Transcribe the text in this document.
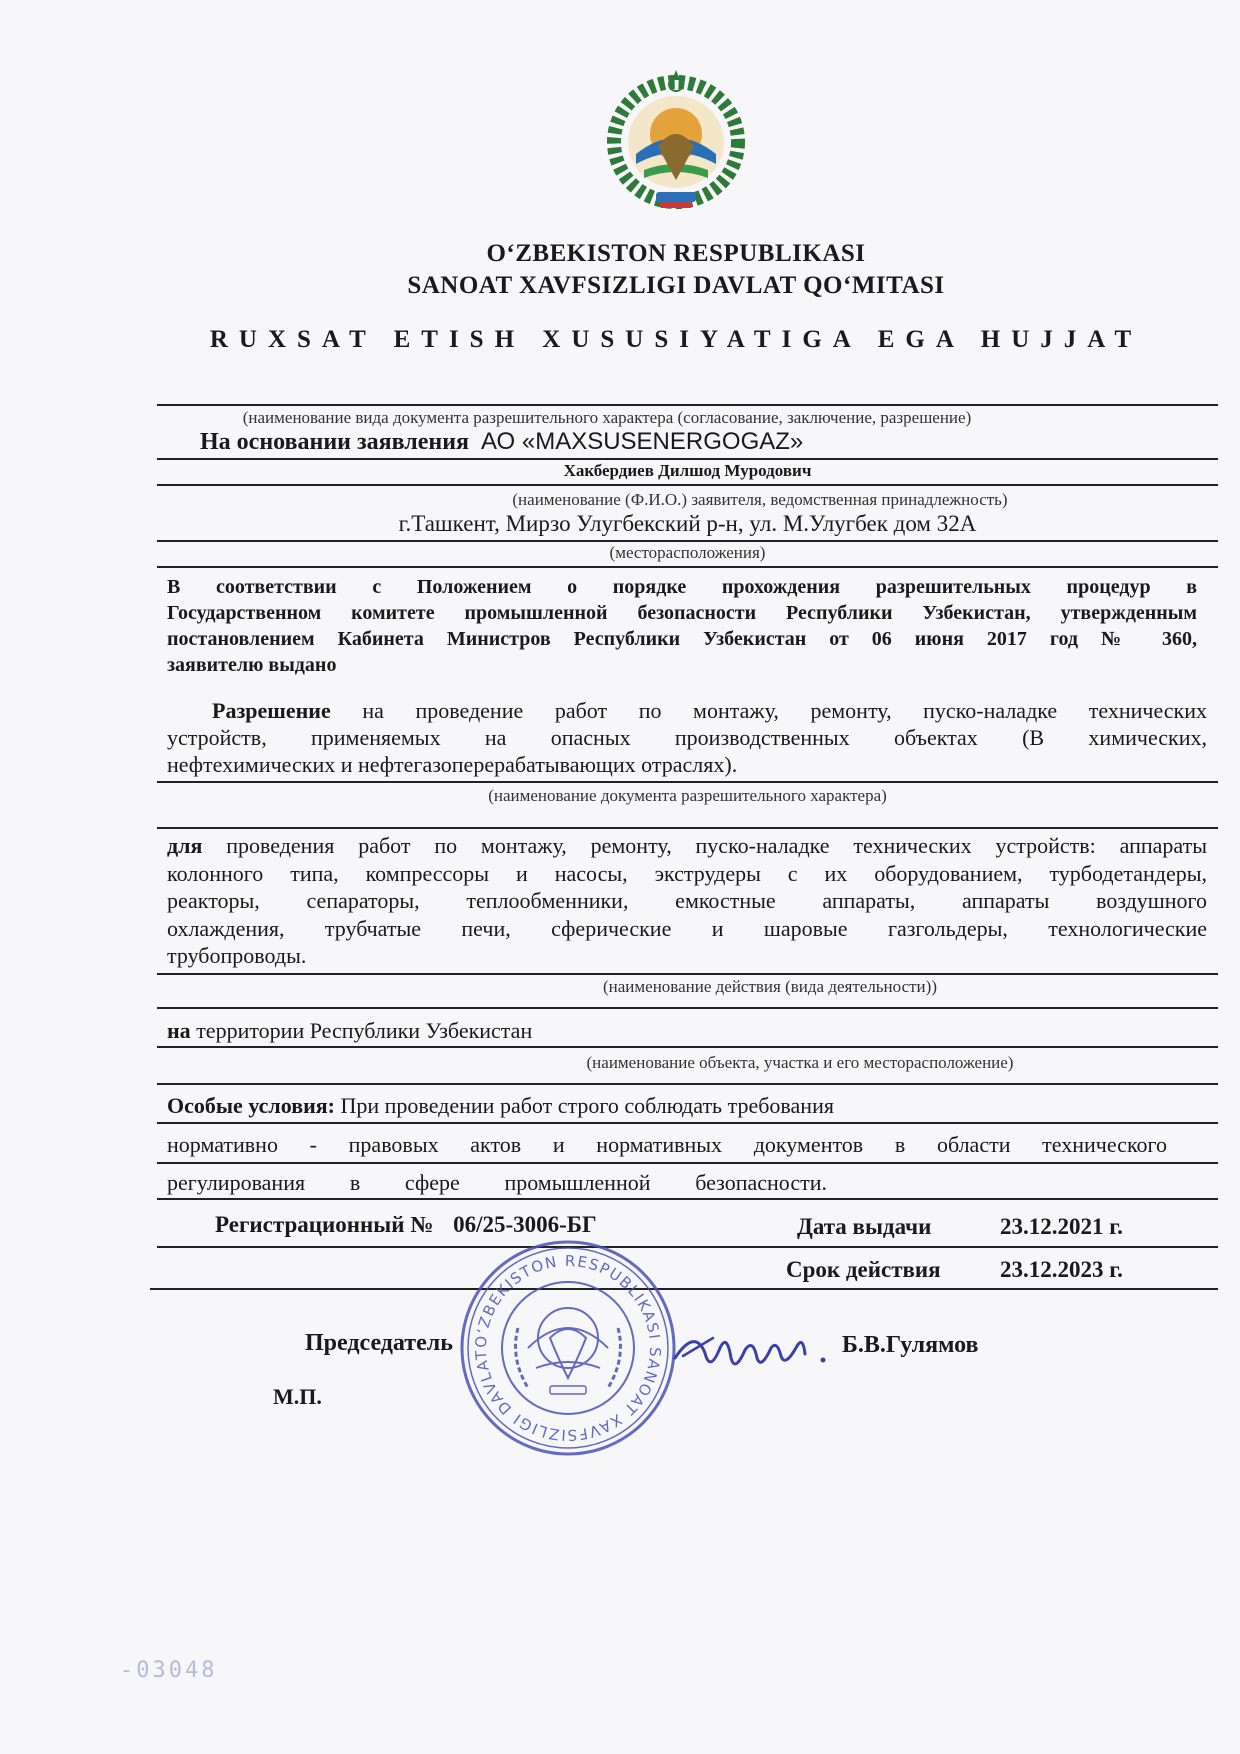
O‘ZBEKISTON RESPUBLIKASI
SANOAT XAVFSIZLIGI DAVLAT QO‘MITASI
RUXSAT ETISH XUSUSIYATIGA EGA HUJJAT
(наименование вида документа разрешительного характера (согласование, заключение, разрешение)
На основании заявления АО «MAXSUSENERGOGAZ»
Хакбердиев Дилшод Муродович
(наименование (Ф.И.О.) заявителя, ведомственная принадлежность)
г.Ташкент, Мирзо Улугбекский р-н, ул. М.Улугбек дом 32А
(месторасположения)
В соответствии с Положением о порядке прохождения разрешительных процедур в
Государственном комитете промышленной безопасности Республики Узбекистан, утвержденным
постановлением Кабинета Министров Республики Узбекистан от 06 июня 2017 год № 360,
заявителю выдано
Разрешение на проведение работ по монтажу, ремонту, пуско-наладке технических
устройств, применяемых на опасных производственных объектах (В химических,
нефтехимических и нефтегазоперерабатывающих отраслях).
(наименование документа разрешительного характера)
для проведения работ по монтажу, ремонту, пуско-наладке технических устройств: аппараты
колонного типа, компрессоры и насосы, экструдеры с их оборудованием, турбодетандеры,
реакторы, сепараторы, теплообменники, емкостные аппараты, аппараты воздушного
охлаждения, трубчатые печи, сферические и шаровые газгольдеры, технологические
трубопроводы.
(наименование действия (вида деятельности))
на территории Республики Узбекистан
(наименование объекта, участка и его месторасположение)
Особые условия: При проведении работ строго соблюдать требования
нормативно - правовых актов и нормативных документов в области технического
регулирования в сфере промышленной безопасности.
Регистрационный № 06/25-3006-БГ	Дата выдачи	23.12.2021 г.
Срок действия	23.12.2023 г.
Председатель	Б.В.Гулямов
М.П.
O‘ZBEKISTON RESPUBLIKASI SANOAT XAVFSIZLIGI DAVLAT
-03048
